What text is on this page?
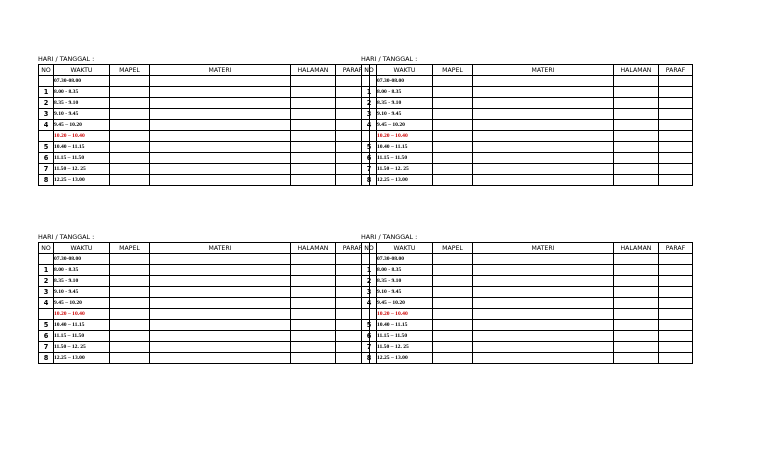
HARI / TANGGAL :
NO	WAKTU	MAPEL	MATERI	HALAMAN	PARAF
	07.30-08.00				
1	8.00 - 8.35				
2	8.35 - 9.10				
3	9.10 - 9.45				
4	9.45 – 10.20				
	10.20 – 10.40				
5	10.40 – 11.15				
6	11.15 – 11.50				
7	11.50 – 12. 25				
8	12.25 – 13.00				
HARI / TANGGAL :
NO	WAKTU	MAPEL	MATERI	HALAMAN	PARAF
	07.30-08.00				
1	8.00 - 8.35				
2	8.35 - 9.10				
3	9.10 - 9.45				
4	9.45 – 10.20				
	10.20 – 10.40				
5	10.40 – 11.15				
6	11.15 – 11.50				
7	11.50 – 12. 25				
8	12.25 – 13.00				
HARI / TANGGAL :
NO	WAKTU	MAPEL	MATERI	HALAMAN	PARAF
	07.30-08.00				
1	8.00 - 8.35				
2	8.35 - 9.10				
3	9.10 - 9.45				
4	9.45 – 10.20				
	10.20 – 10.40				
5	10.40 – 11.15				
6	11.15 – 11.50				
7	11.50 – 12. 25				
8	12.25 – 13.00				
HARI / TANGGAL :
NO	WAKTU	MAPEL	MATERI	HALAMAN	PARAF
	07.30-08.00				
1	8.00 - 8.35				
2	8.35 - 9.10				
3	9.10 - 9.45				
4	9.45 – 10.20				
	10.20 – 10.40				
5	10.40 – 11.15				
6	11.15 – 11.50				
7	11.50 – 12. 25				
8	12.25 – 13.00				
